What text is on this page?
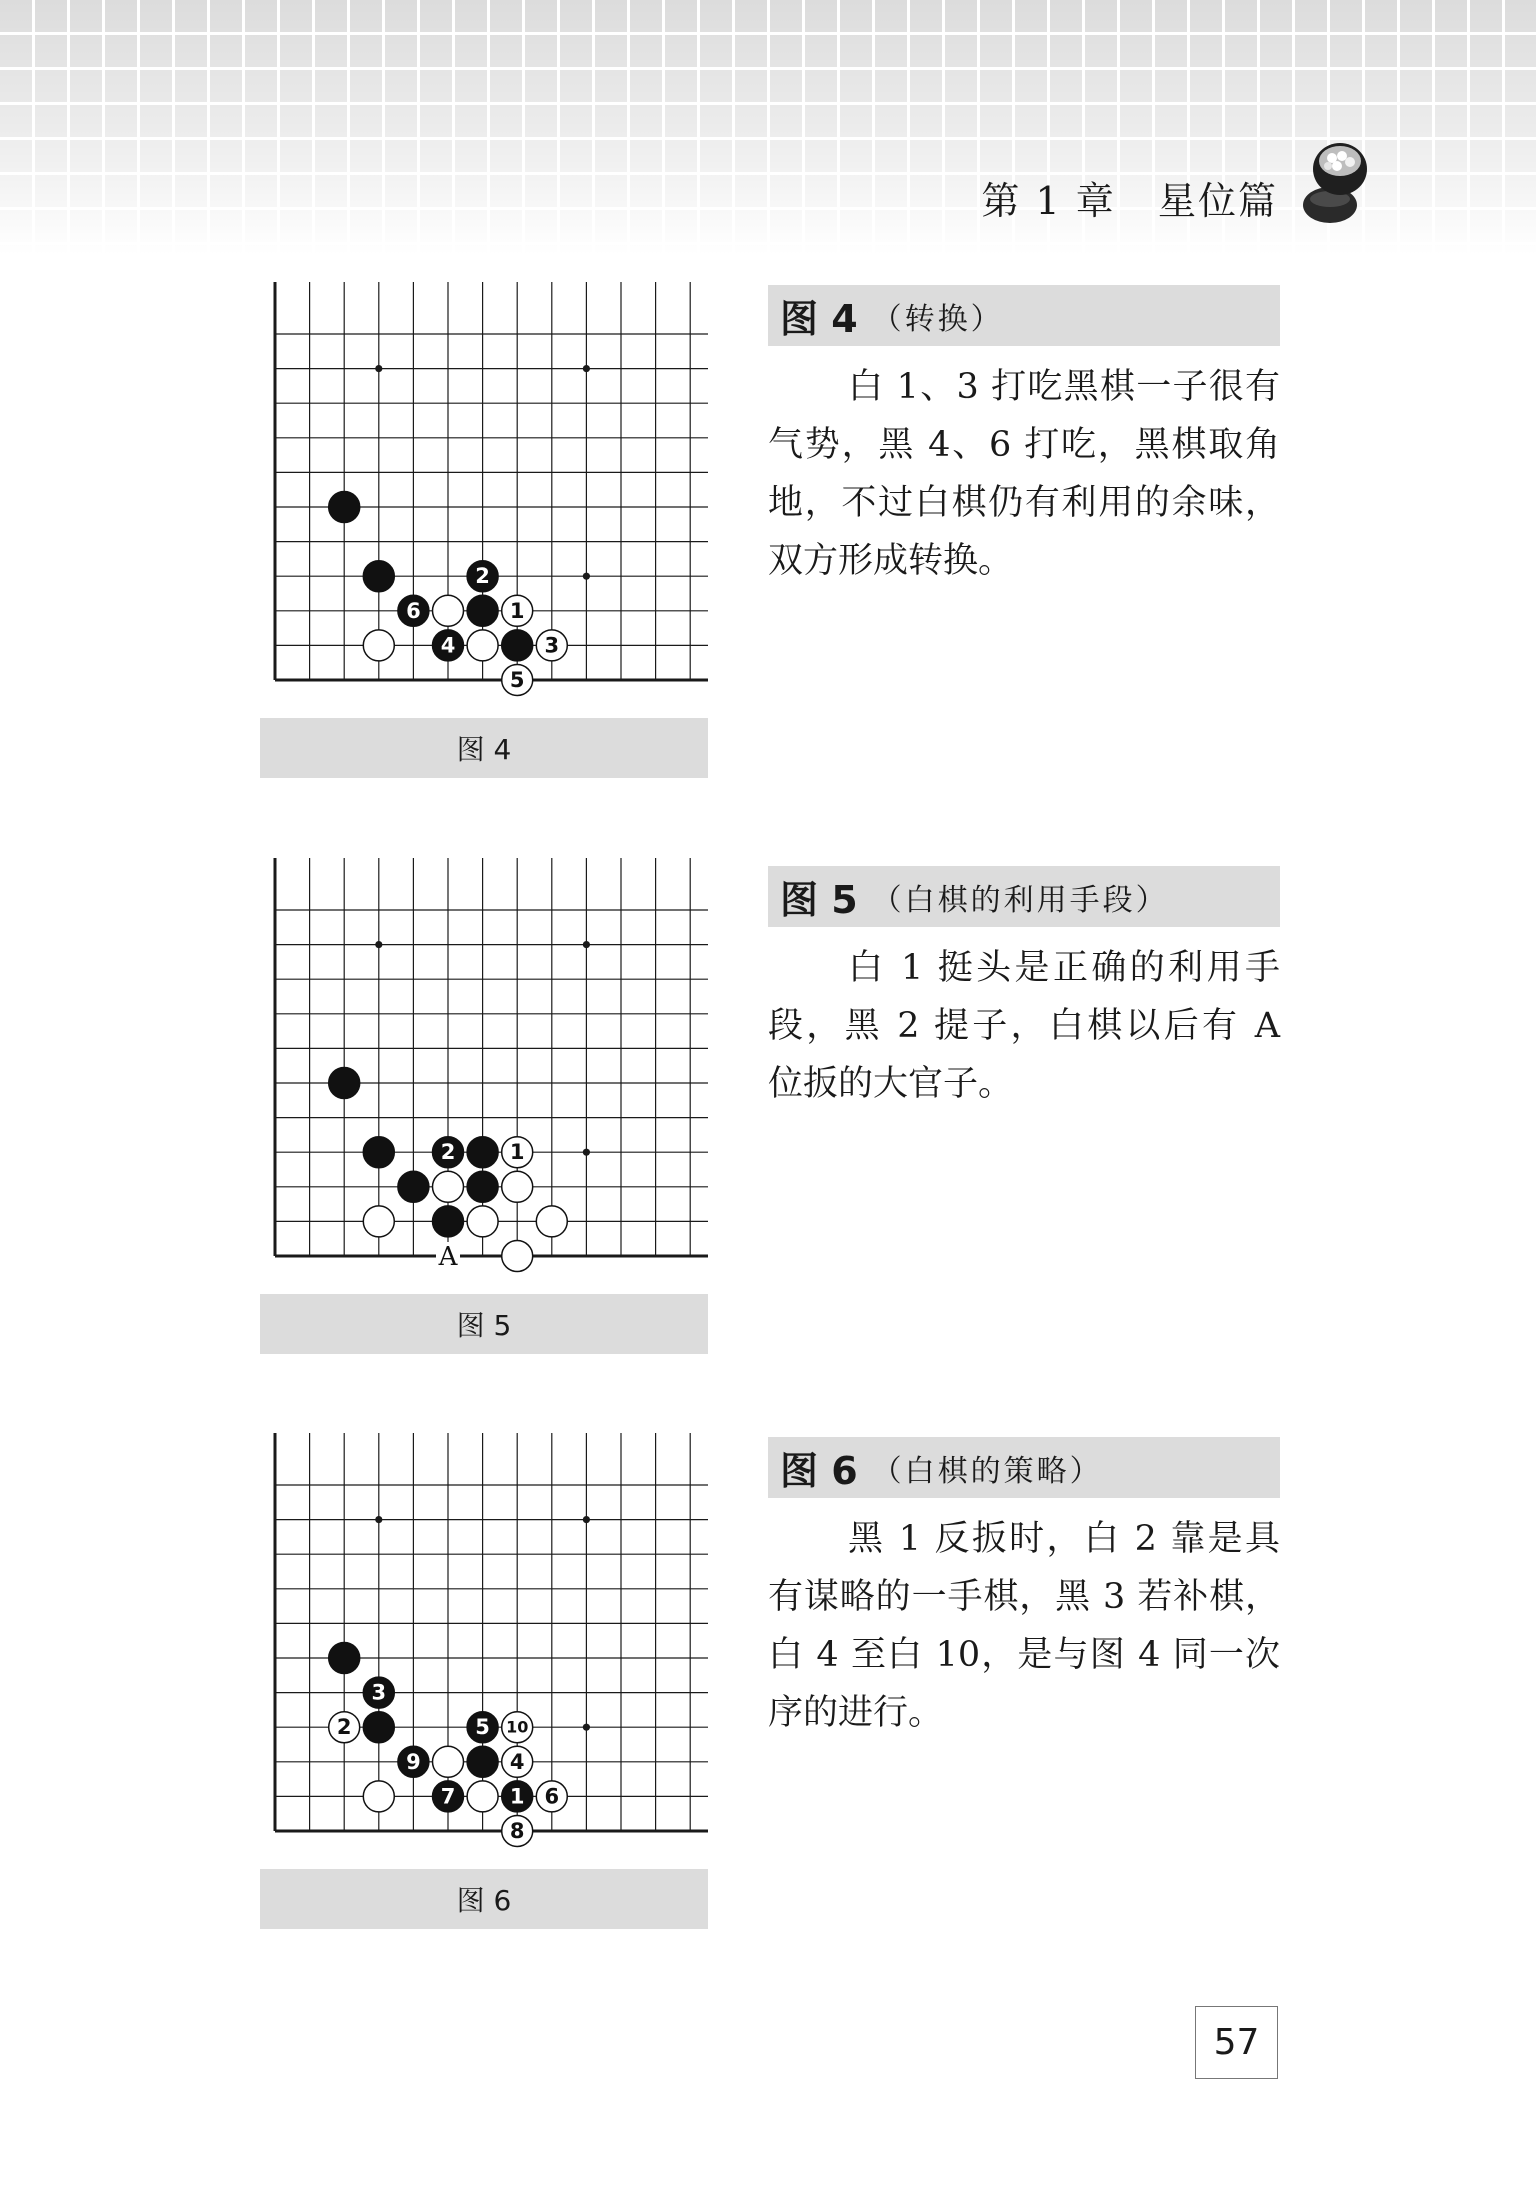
第 1 章 星位篇
2
6	1
4	3
5
图 4
图 4 （转换）

白 1、3 打吃黑棋一子很有气势，黑 4、6 打吃，黑棋取角地，不过白棋仍有利用的余味，双方形成转换。

2	1
A
图 5
图 5 （白棋的利用手段）

白 1 挺头是正确的利用手段，黑 2 提子，白棋以后有 A 位扳的大官子。

3
2	5 10
9	4
7	1 6
8
图 6
图 6 （白棋的策略）

黑 1 反扳时，白 2 靠是具有谋略的一手棋，黑 3 若补棋，白 4 至白 10，是与图 4 同一次序的进行。

57
